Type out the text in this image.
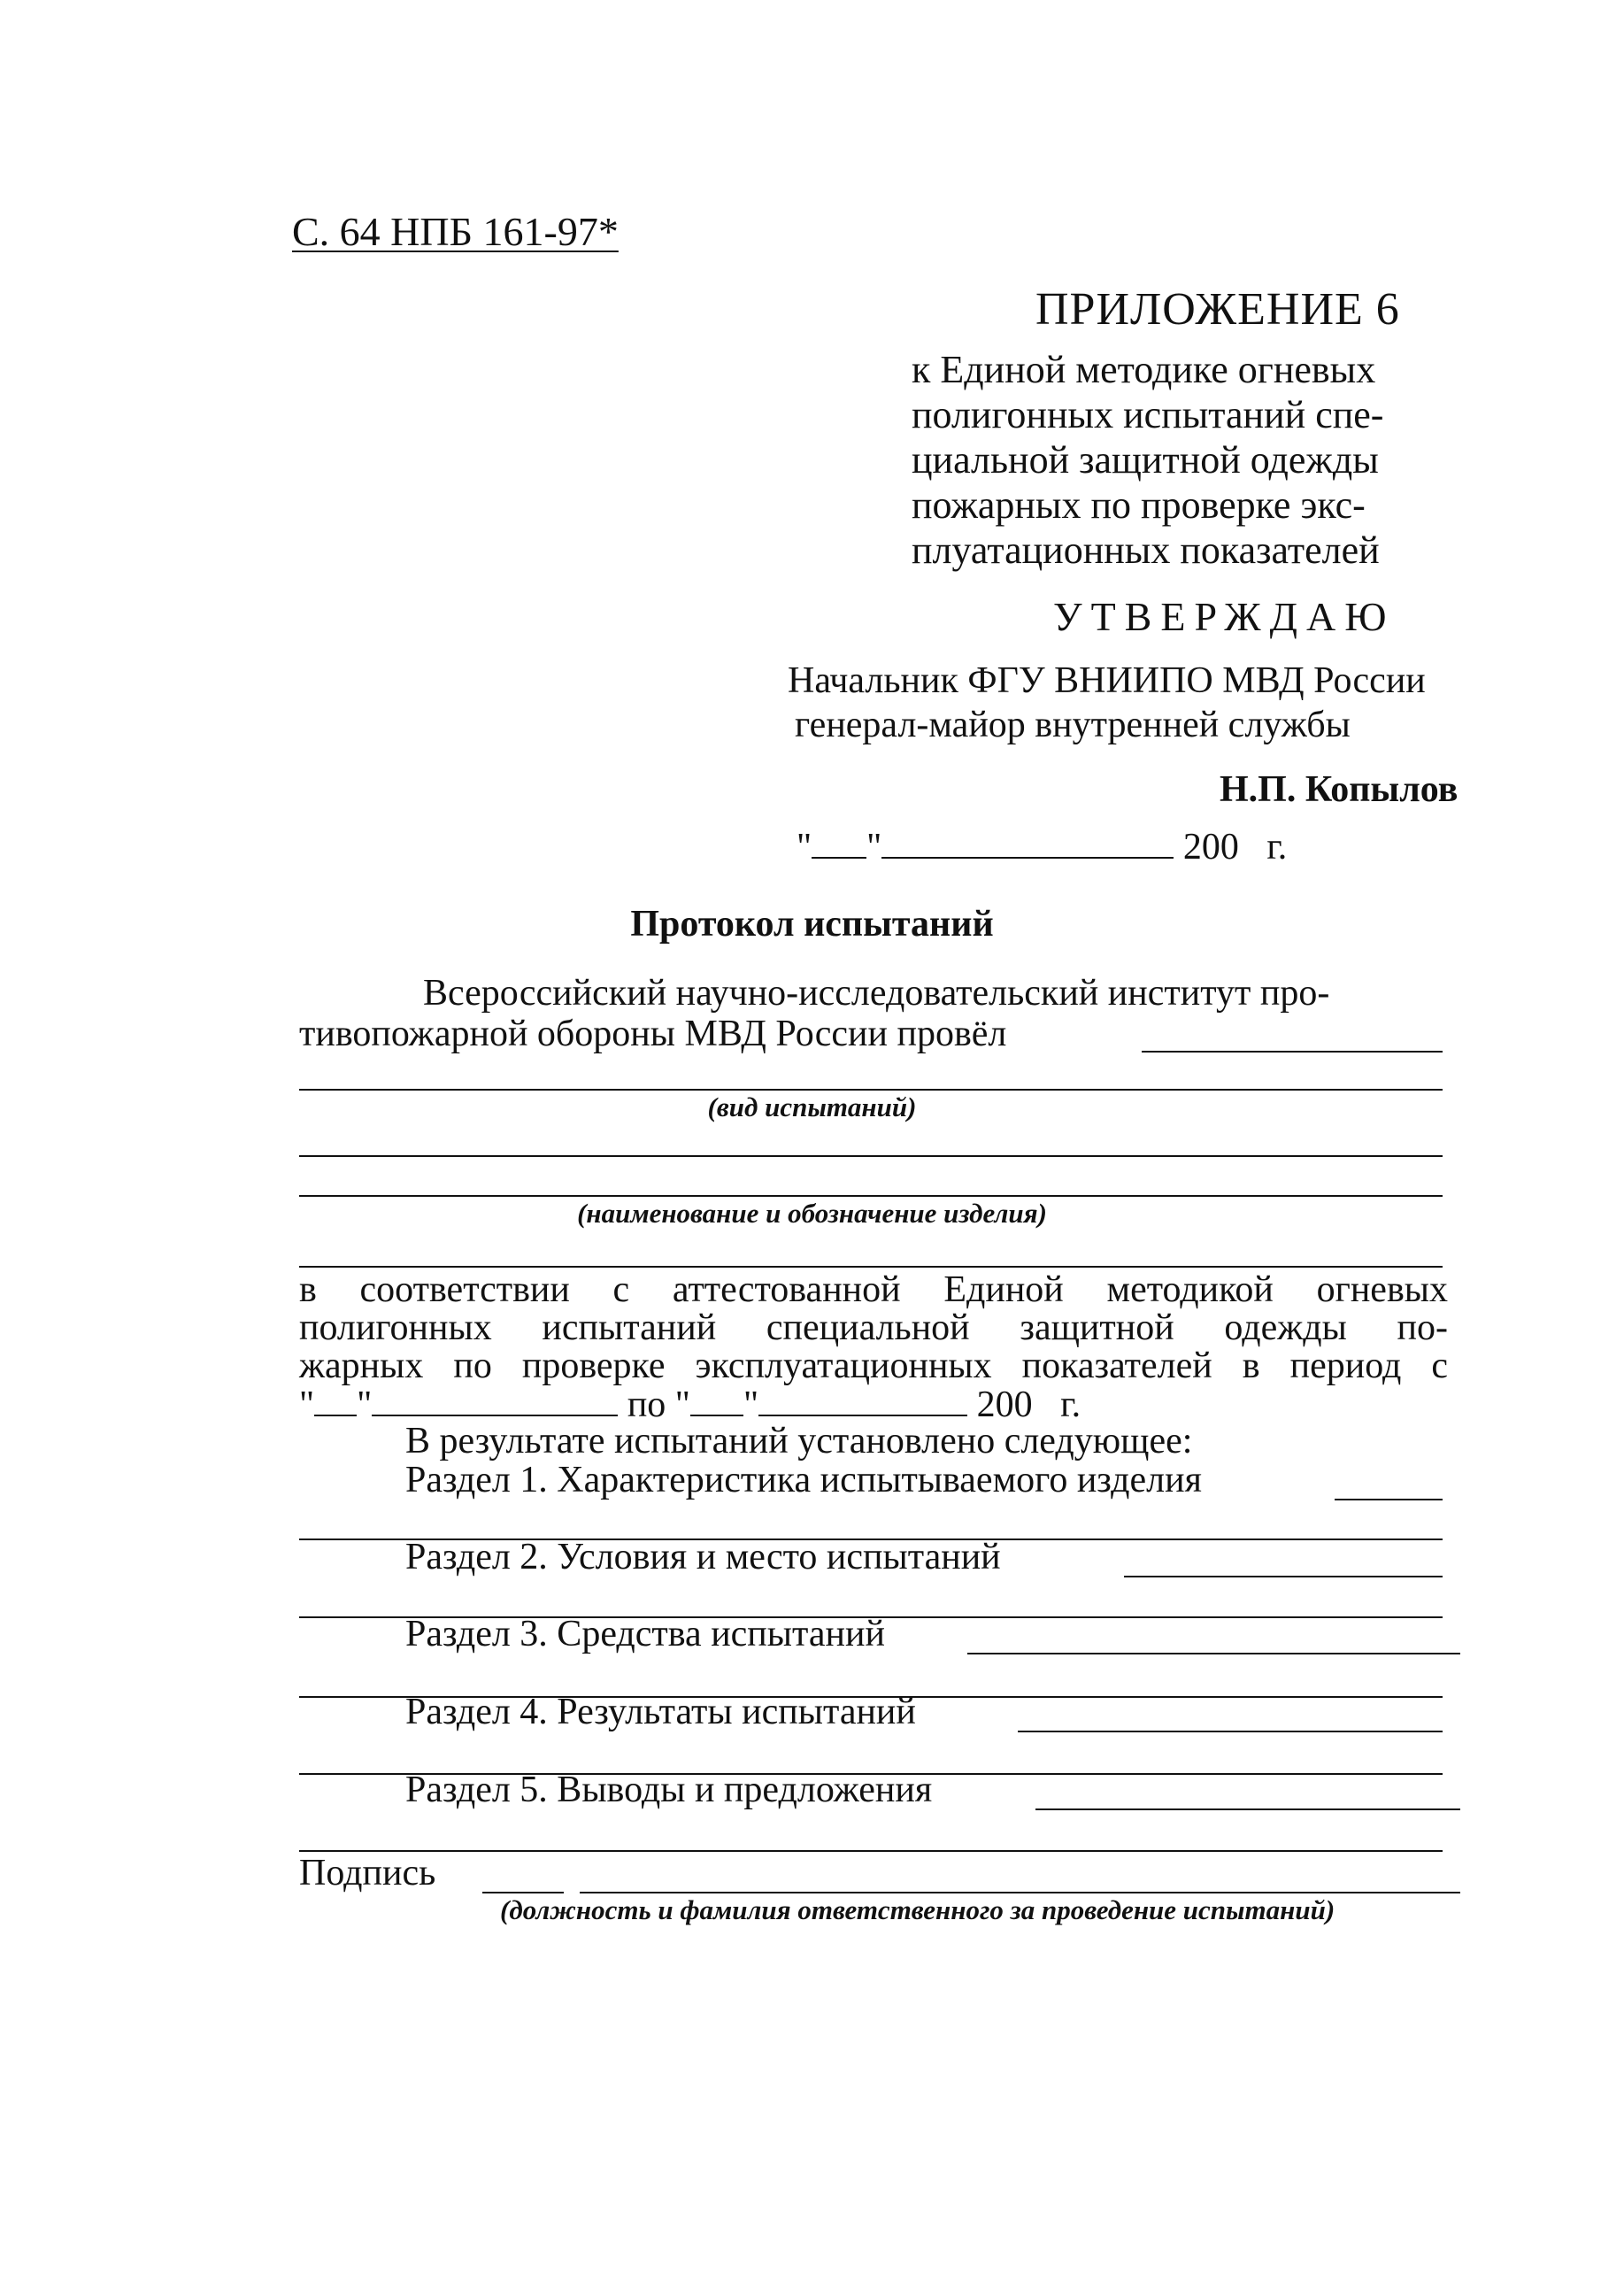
С. 64 НПБ 161-97*
ПРИЛОЖЕНИЕ 6
к Единой методике огневых
полигонных испытаний спе-
циальной защитной одежды
пожарных по проверке экс-
плуатационных показателей
УТВЕРЖДАЮ
Начальник ФГУ ВНИИПО МВД России
генерал-майор внутренней службы
Н.П. Копылов
" "	200 г.
Протокол испытаний
Всероссийский научно-исследовательский институт про-
тивопожарной обороны МВД России провёл
(вид испытаний)
(наименование и обозначение изделия)
в соответствии с аттестованной Единой методикой огневых
полигонных испытаний специальной защитной одежды по-
жарных по проверке эксплуатационных показателей в период с
" "	по " "	200 г.
В результате испытаний установлено следующее:
Раздел 1. Характеристика испытываемого изделия
Раздел 2. Условия и место испытаний
Раздел 3. Средства испытаний
Раздел 4. Результаты испытаний
Раздел 5. Выводы и предложения
Подпись
(должность и фамилия ответственного за проведение испытаний)
